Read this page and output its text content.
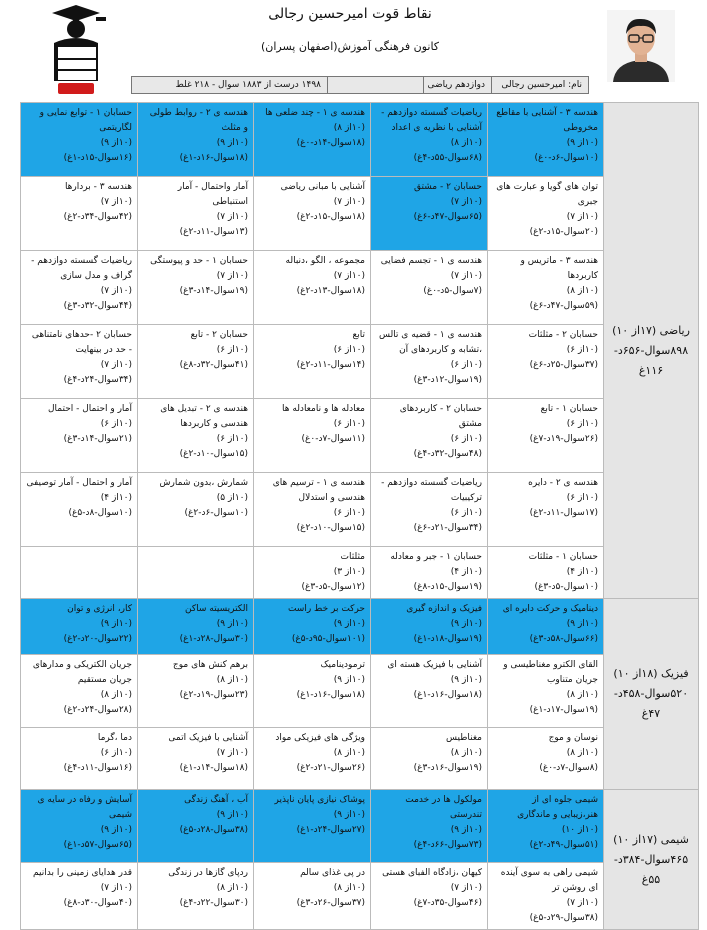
نقاط قوت امیرحسین رجالی
کانون فرهنگی آموزش(اصفهان پسران)
نام: امیرحسین رجالی
دوازدهم ریاضی
۱۴۹۸ درست از ۱۸۸۳ سوال - ۲۱۸ غلط
ریاضی (۱۷از ۱۰)
۸۹۸سوال-۶۵۶د-
۱۱۶غ	هندسه ۳ - آشنایی با مقاطع مخروطی
(۱۰از ۹)
(۱۰سوال-۶د-۰غ)	ریاضیات گسسته دوازدهم - آشنایی با نظریه ی اعداد
(۱۰از ۸)
(۶۸سوال-۵۵د-۴غ)	هندسه ی ۱ - چند ضلعی ها
(۱۰از ۸)
(۱۸سوال-۱۴د-۰غ)	هندسه ی ۲ - روابط طولی و مثلث
(۱۰از ۹)
(۱۸سوال-۱۶د-۱غ)	حسابان ۱ - توابع نمایی و لگاریتمی
(۱۰از ۹)
(۱۶سوال-۱۵د-۱غ)

	توان های گویا و عبارت های جبری
(۱۰از ۷)
(۲۰سوال-۱۵د-۲غ)	حسابان ۲ - مشتق
(۱۰از ۷)
(۶۵سوال-۴۷د-۶غ)	آشنایی با مبانی ریاضی
(۱۰از ۷)
(۱۸سوال-۱۵د-۲غ)	آمار واحتمال - آمار استنباطی
(۱۰از ۷)
(۱۳سوال-۱۱د-۲غ)	هندسه ۳ - بردارها
(۱۰از ۷)
(۴۲سوال-۳۴د-۲غ)

	هندسه ۳ - ماتریس و کاربردها
(۱۰از ۸)
(۵۹سوال-۴۷د-۶غ)	هندسه ی ۱ - تجسم فضایی
(۱۰از ۷)
(۷سوال-۵د-۰غ)	مجموعه ، الگو ،دنباله
(۱۰از ۷)
(۱۸سوال-۱۳د-۲غ)	حسابان ۱ - حد و پیوستگی
(۱۰از ۷)
(۱۹سوال-۱۴د-۳غ)	ریاضیات گسسته دوازدهم - گراف و مدل سازی
(۱۰از ۷)
(۴۴سوال-۳۲د-۳غ)

	حسابان ۲ - مثلثات
(۱۰از ۶)
(۳۷سوال-۲۵د-۶غ)	هندسه ی ۱ - قضیه ی تالس ،تشابه و کاربردهای آن
(۱۰از ۶)
(۱۹سوال-۱۲د-۳غ)	تابع
(۱۰از ۶)
(۱۴سوال-۱۱د-۲غ)	حسابان ۲ - تابع
(۱۰از ۶)
(۴۱سوال-۳۲د-۸غ)	حسابان ۲ -حدهای نامتناهی - حد در بینهایت
(۱۰از ۷)
(۳۴سوال-۲۴د-۴غ)

	حسابان ۱ - تابع
(۱۰از ۶)
(۲۶سوال-۱۹د-۷غ)	حسابان ۲ - کاربردهای مشتق
(۱۰از ۶)
(۴۸سوال-۳۲د-۴غ)	معادله ها و نامعادله ها
(۱۰از ۶)
(۱۱سوال-۷د-۰غ)	هندسه ی ۲ - تبدیل های هندسی و کاربردها
(۱۰از ۶)
(۱۵سوال-۱۰د-۲غ)	آمار و احتمال - احتمال
(۱۰از ۶)
(۲۱سوال-۱۴د-۳غ)

	هندسه ی ۲ - دایره
(۱۰از ۶)
(۱۷سوال-۱۱د-۲غ)	ریاضیات گسسته دوازدهم - ترکیبیات
(۱۰از ۶)
(۳۴سوال-۲۱د-۶غ)	هندسه ی ۱ - ترسیم های هندسی و استدلال
(۱۰از ۶)
(۱۵سوال-۱۰د-۲غ)	شمارش ،بدون شمارش
(۱۰از ۵)
(۱۰سوال-۶د-۲غ)	آمار و احتمال - آمار توصیفی
(۱۰از ۴)
(۱۰سوال-۸د-۵غ)

	حسابان ۱ - مثلثات
(۱۰از ۴)
(۱۰سوال-۵د-۳غ)	حسابان ۱ - جبر و معادله
(۱۰از ۴)
(۱۹سوال-۱۵د-۸غ)	مثلثات
(۱۰از ۳)
(۱۲سوال-۵د-۳غ)		

فیزیک (۱۸از ۱۰)
۵۲۰سوال-۴۵۸د-
۴۷غ	دینامیک و حرکت دایره ای
(۱۰از ۹)
(۶۶سوال-۵۸د-۳غ)	فیزیک و اندازه گیری
(۱۰از ۹)
(۱۹سوال-۱۸د-۱غ)	حرکت بر خط راست
(۱۰از ۹)
(۱۰۱سوال-۹۵د-۵غ)	الکتریسیته ساکن
(۱۰از ۹)
(۳۰سوال-۲۸د-۱غ)	کار، انرژی و توان
(۱۰از ۹)
(۲۲سوال-۲۰د-۲غ)

	القای الکترو مغناطیسی و جریان متناوب
(۱۰از ۸)
(۱۹سوال-۱۷د-۱غ)	آشنایی با فیزیک هسته ای
(۱۰از ۹)
(۱۸سوال-۱۶د-۱غ)	ترمودینامیک
(۱۰از ۹)
(۱۸سوال-۱۶د-۱غ)	برهم کنش های موج
(۱۰از ۸)
(۲۳سوال-۱۹د-۲غ)	جریان الکتریکی و مدارهای جریان مستقیم
(۱۰از ۸)
(۲۸سوال-۲۴د-۲غ)

	نوسان و موج
(۱۰از ۸)
(۸سوال-۷د-۰غ)	مغناطیس
(۱۰از ۸)
(۱۹سوال-۱۶د-۳غ)	ویژگی های فیزیکی مواد
(۱۰از ۸)
(۲۶سوال-۲۱د-۲غ)	آشنایی با فیزیک اتمی
(۱۰از ۷)
(۱۸سوال-۱۴د-۱غ)	دما ،گرما
(۱۰از ۶)
(۱۶سوال-۱۱د-۴غ)

شیمی (۱۷از ۱۰)
۴۶۵سوال-۳۸۴د-
۵۵غ	شیمی جلوه ای از هنر،زیبایی و ماندگاری
(۱۰از ۱۰)
(۵۱سوال-۴۹د-۲غ)	مولکول ها در خدمت تندرستی
(۱۰از ۹)
(۷۳سوال-۶۶د-۴غ)	پوشاک نیازی پایان ناپذیر
(۱۰از ۹)
(۲۷سوال-۲۴د-۱غ)	آب ، آهنگ زندگی
(۱۰از ۹)
(۳۸سوال-۲۸د-۵غ)	آسایش و رفاه در سایه ی شیمی
(۱۰از ۹)
(۶۵سوال-۵۷د-۱غ)

	شیمی راهی به سوی آینده ای روشن تر
(۱۰از ۷)
(۳۸سوال-۲۹د-۵غ)	کیهان ،زادگاه الفبای هستی
(۱۰از ۷)
(۴۶سوال-۳۵د-۷غ)	در پی غذای سالم
(۱۰از ۸)
(۳۷سوال-۲۶د-۳غ)	ردپای گازها در زندگی
(۱۰از ۸)
(۳۰سوال-۲۲د-۴غ)	قدر هدایای زمینی را بدانیم
(۱۰از ۷)
(۴۰سوال-۳۰د-۸غ)
